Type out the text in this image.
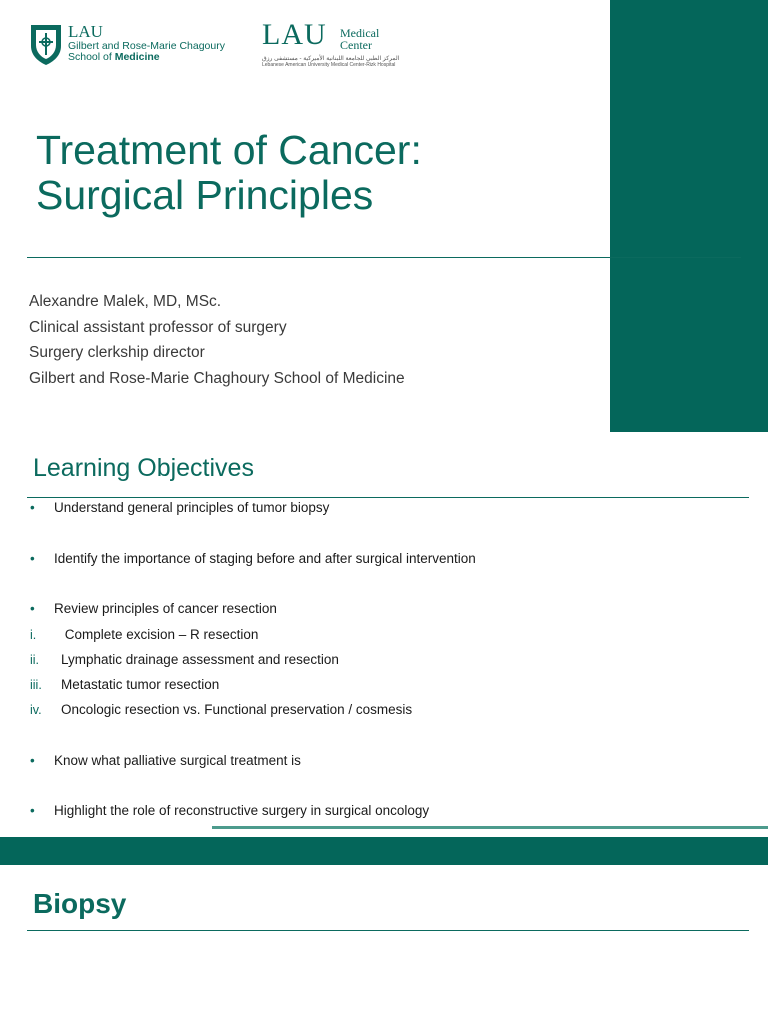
LAU
Gilbert and Rose-Marie Chagoury
School of Medicine
LAU Medical
Center
المركز الطبي للجامعة اللبنانية الأميركية - مستشفى رزق
Lebanese American University Medical Center-Rizk Hospital
Treatment of Cancer:
Surgical Principles
Alexandre Malek, MD, MSc.
Clinical assistant professor of surgery
Surgery clerkship director
Gilbert and Rose-Marie Chaghoury School of Medicine
Learning Objectives
• Understand general principles of tumor biopsy
• Identify the importance of staging before and after surgical intervention
• Review principles of cancer resection
i. Complete excision – R resection
ii. Lymphatic drainage assessment and resection
iii. Metastatic tumor resection
iv. Oncologic resection vs. Functional preservation / cosmesis
• Know what palliative surgical treatment is
• Highlight the role of reconstructive surgery in surgical oncology
Biopsy
